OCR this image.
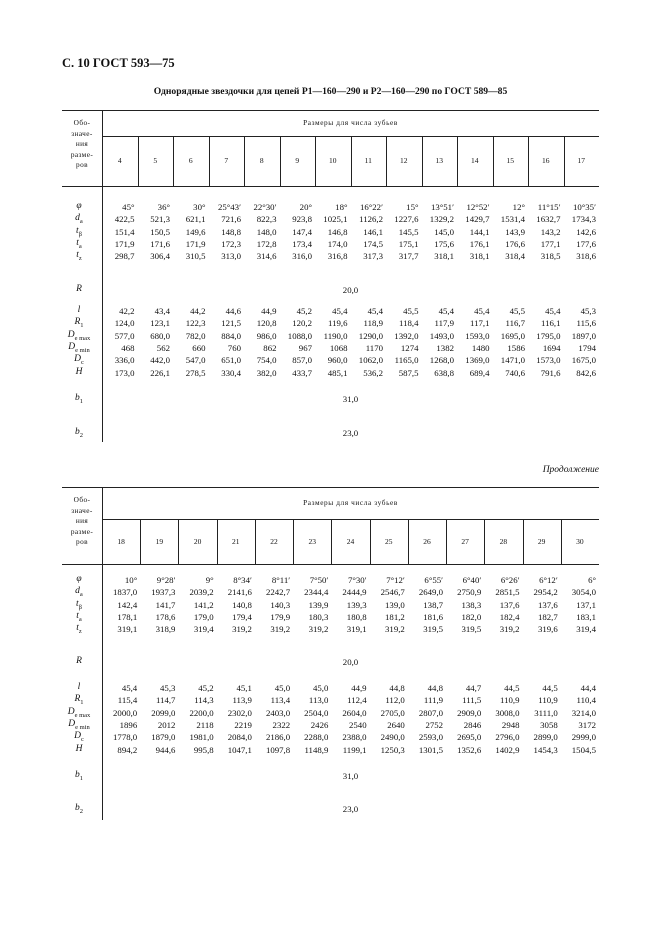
С. 10 ГОСТ 593—75
Однорядные звездочки для цепей Р1—160—290 и Р2—160—290 по ГОСТ 589—85
Обо-
значе-
ния
разме-
ров
Размеры для числа зубьев
4	5	6	7	8	9	10	11	12	13	14	15	16	17
φ	45°	36°	30°	25°43′	22°30′	20°	18°	16°22′	15°	13°51′	12°52′	12°	11°15′	10°35′
$d_a$	422,5	521,3	621,1	721,6	822,3	923,8	1025,1	1126,2	1227,6	1329,2	1429,7	1531,4	1632,7	1734,3
$t_\beta$	151,4	150,5	149,6	148,8	148,0	147,4	146,8	146,1	145,5	145,0	144,1	143,9	143,2	142,6
$t_a$	171,9	171,6	171,9	172,3	172,8	173,4	174,0	174,5	175,1	175,6	176,1	176,6	177,1	177,6
$t_z$	298,7	306,4	310,5	313,0	314,6	316,0	316,8	317,3	317,7	318,1	318,1	318,4	318,5	318,6
R	20,0
l	42,2	43,4	44,2	44,6	44,9	45,2	45,4	45,4	45,5	45,4	45,4	45,5	45,4	45,3
$R_1$	124,0	123,1	122,3	121,5	120,8	120,2	119,6	118,9	118,4	117,9	117,1	116,7	116,1	115,6
$D_{e max}$	577,0	680,0	782,0	884,0	986,0	1088,0	1190,0	1290,0	1392,0	1493,0	1593,0	1695,0	1795,0	1897,0
$D_{e min}$	468	562	660	760	862	967	1068	1170	1274	1382	1480	1586	1694	1794
$D_c$	336,0	442,0	547,0	651,0	754,0	857,0	960,0	1062,0	1165,0	1268,0	1369,0	1471,0	1573,0	1675,0
H	173,0	226,1	278,5	330,4	382,0	433,7	485,1	536,2	587,5	638,8	689,4	740,6	791,6	842,6
$b_1$	31,0
$b_2$	23,0
Продолжение
Обо-
значе-
ния
разме-
ров
Размеры для числа зубьев
18	19	20	21	22	23	24	25	26	27	28	29	30
φ	10°	9°28′	9°	8°34′	8°11′	7°50′	7°30′	7°12′	6°55′	6°40′	6°26′	6°12′	6°
$d_a$	1837,0	1937,3	2039,2	2141,6	2242,7	2344,4	2444,9	2546,7	2649,0	2750,9	2851,5	2954,2	3054,0
$t_\beta$	142,4	141,7	141,2	140,8	140,3	139,9	139,3	139,0	138,7	138,3	137,6	137,6	137,1
$t_a$	178,1	178,6	179,0	179,4	179,9	180,3	180,8	181,2	181,6	182,0	182,4	182,7	183,1
$t_z$	319,1	318,9	319,4	319,2	319,2	319,2	319,1	319,2	319,5	319,5	319,2	319,6	319,4
R	20,0
l	45,4	45,3	45,2	45,1	45,0	45,0	44,9	44,8	44,8	44,7	44,5	44,5	44,4
$R_1$	115,4	114,7	114,3	113,9	113,4	113,0	112,4	112,0	111,9	111,5	110,9	110,9	110,4
$D_{e max}$	2000,0	2099,0	2200,0	2302,0	2403,0	2504,0	2604,0	2705,0	2807,0	2909,0	3008,0	3111,0	3214,0
$D_{e min}$	1896	2012	2118	2219	2322	2426	2540	2640	2752	2846	2948	3058	3172
$D_c$	1778,0	1879,0	1981,0	2084,0	2186,0	2288,0	2388,0	2490,0	2593,0	2695,0	2796,0	2899,0	2999,0
H	894,2	944,6	995,8	1047,1	1097,8	1148,9	1199,1	1250,3	1301,5	1352,6	1402,9	1454,3	1504,5
$b_1$	31,0
$b_2$	23,0
